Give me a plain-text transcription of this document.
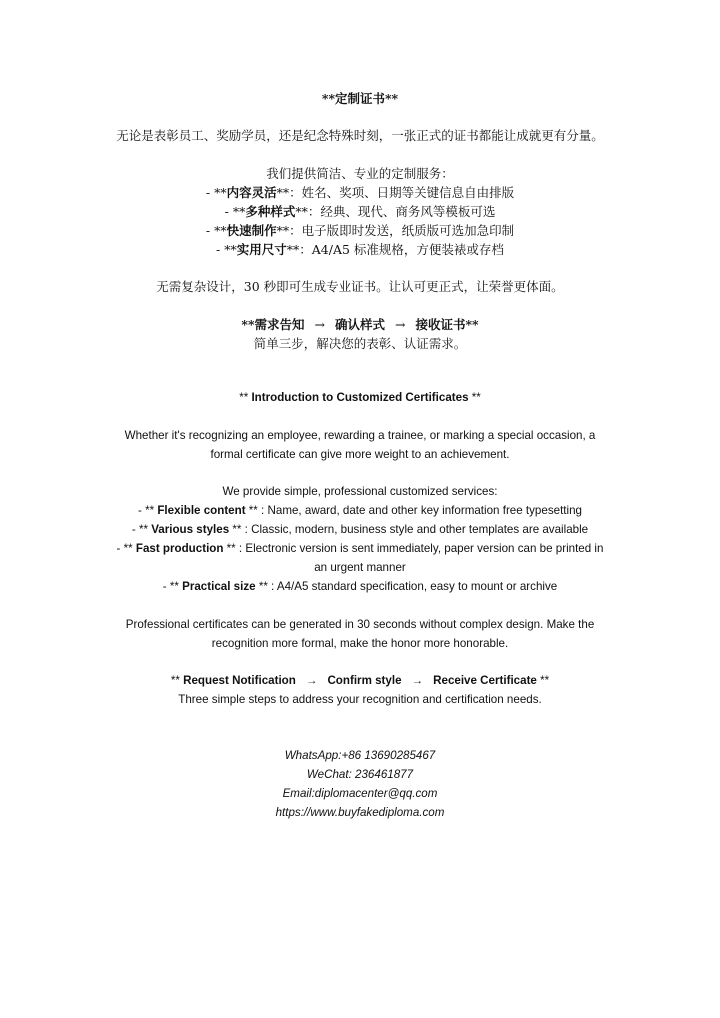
**定制证书**
无论是表彰员工、奖励学员，还是纪念特殊时刻，一张正式的证书都能让成就更有分量。
我们提供简洁、专业的定制服务：
- **内容灵活**：姓名、奖项、日期等关键信息自由排版
- **多种样式**：经典、现代、商务风等模板可选
- **快速制作**：电子版即时发送，纸质版可选加急印制
- **实用尺寸**：A4/A5 标准规格，方便装裱或存档
无需复杂设计，30 秒即可生成专业证书。让认可更正式，让荣誉更体面。
**需求告知 → 确认样式 → 接收证书**
简单三步，解决您的表彰、认证需求。
** Introduction to Customized Certificates **
Whether it's recognizing an employee, rewarding a trainee, or marking a special occasion, a
formal certificate can give more weight to an achievement.
We provide simple, professional customized services:
- ** Flexible content ** : Name, award, date and other key information free typesetting
- ** Various styles ** : Classic, modern, business style and other templates are available
- ** Fast production ** : Electronic version is sent immediately, paper version can be printed in
an urgent manner
- ** Practical size ** : A4/A5 standard specification, easy to mount or archive
Professional certificates can be generated in 30 seconds without complex design. Make the
recognition more formal, make the honor more honorable.
** Request Notification → Confirm style → Receive Certificate **
Three simple steps to address your recognition and certification needs.
WhatsApp:+86 13690285467
WeChat: 236461877
Email:diplomacenter@qq.com
https://www.buyfakediploma.com
